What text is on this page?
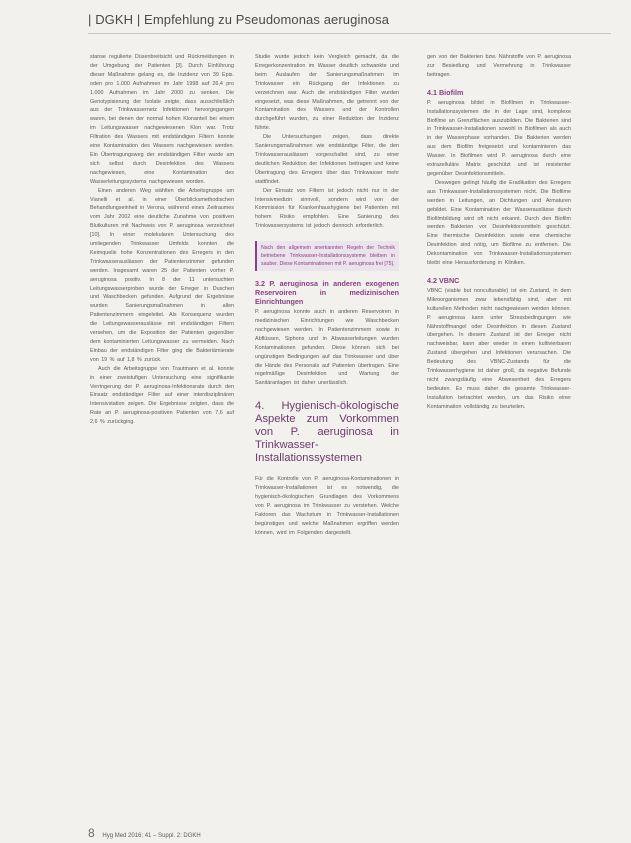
| DGKH | Empfehlung zu Pseudomonas aeruginosa

stanse regulierte Düsenbreitsicht und Rückmeldungen in der Umgebung der Patienten [3]. Durch Einführung dieser Maßnahme gelang es, die Inzidenz von 39 Epis. oden pro 1.000 Aufnahmen im Jahr 1998 auf 26,4 pro 1.000 Aufnahmen im Jahr 2000 zu senken. Die Genotypisierung der Isolate zeigte, dass ausschließlich aus der Trinkwassernetz Infektionen hervorgegangen waren, bei denen der normal hohen Klonanteil bei einem im Leitungswasser nachgewiesenen Klon war. Trotz Filtration des Wassers mit endständigen Filtern konnte eine Kontamination des Wassers nachgewiesen werden. Ein Übertragungsweg der endständigen Filter wurde am sich selbst durch Desinfektion des Wassers nachgewiesen, eine Kontamination des Wasserleitungssystems nachgewiesen worden.

Einen anderen Weg wählten die Arbeitsgruppe um Vianelli et al. in einer Überblicksmethodischen Behandlungseinheit in Verona, während eines Zeitraumes vom Jahr 2002 eine deutliche Zunahme von positiven Blutkulturen mit Nachweis von P. aeruginosa verzeichnet [10]. In einer molekularen Untersuchung des umliegenden Trinkwasser Umfelds konnten die Keimquelle hohe Konzentrationen des Erregers in den Trinkwasserauslässen der Patientenzimmer gefunden werden. Insgesamt waren 25 der Patienten vorher P. aeruginosa positiv. In 8 der 11 untersuchten Leitungswasserproben wurde der Erreger in Duschen und Waschbecken gefunden. Aufgrund der Ergebnisse wurden Sanierungsmaßnahmen in allen Patientenzimmern eingeleitet. Als Konsequenz wurden die Leitungswasserauslässe mit endständigen Filtern versehen, um die Exposition der Patienten gegenüber dem kontaminierten Leitungswasser zu vermeiden. Nach Einbau der endständigen Filter ging die Bakteriämierate von 19 % auf 1,8 % zurück.

Auch die Arbeitsgruppe von Trautmann et al. konnte in einer zweistufigen Untersuchung eine signifikante Verringerung der P. aeruginosa-Infektionsrate durch den Einsatz endständiger Filter auf einer interdisziplinären Intensivstation zeigen. Die Ergebnisse zeigten, dass die Rate an P. aeruginosa-positiven Patienten von 7,6 auf 2,6 % zurückging.

Studie wurde jedoch kein Vergleich gemacht, da die Erregerkonzentration im Wasser deutlich schwankte und beim Auslaufen der Sanierungsmaßnahmen im Trinkwasser ein Rückgang der Infektionen zu verzeichnen war. Auch die endständigen Filter wurden eingesetzt, was diese Maßnahmen, die getrennt von der Kontamination des Wassers und der Kontrollen durchgeführt wurden, zu einer Reduktion der Inzidenz führte.

Die Untersuchungen zeigen, dass direkte Sanierungsmaßnahmen wie endständige Filter, die den Trinkwasserauslässen vorgeschaltet sind, zu einer deutlichen Reduktion der Infektionen beitragen und keine Übertragung des Erregers über das Trinkwasser mehr stattfindet.

Der Einsatz von Filtern ist jedoch nicht nur in der Intensivmedizin sinnvoll, sondern wird von der Kommission für Krankenhaushygiene bei Patienten mit hohem Risiko empfohlen. Eine Sanierung des Trinkwassersystems ist jedoch dennoch erforderlich.

Nach den allgemein anerkannten Regeln der Technik betriebene Trinkwasser-Installationssysteme bleiben in sauber. Diese Kontaminationen mit P. aeruginosa frei [75].
3.2 P. aeruginosa in anderen exogenen Reservoiren in medizinischen Einrichtungen

P. aeruginosa konnte auch in anderen Reservoiren in medizinischen Einrichtungen wie Waschbecken nachgewiesen werden. In Patientenzimmern sowie in Abflüssen, Siphons und in Abwasserleitungen wurden Kontaminationen gefunden. Diese können sich bei ungünstigen Bedingungen auf das Trinkwasser und über die Hände des Personals auf Patienten übertragen. Eine regelmäßige Desinfektion und Wartung der Sanitäranlagen ist daher unerlässlich.

4. Hygienisch-ökologische Aspekte zum Vorkommen von P. aeruginosa in Trinkwasser-Installationssystemen

Für die Kontrolle von P. aeruginosa-Kontaminationen in Trinkwasser-Installationen ist es notwendig, die hygienisch-ökologischen Grundlagen des Vorkommens von P. aeruginosa im Trinkwasser zu verstehen. Welche Faktoren das Wachstum in Trinkwasser-Installationen begünstigen und welche Maßnahmen ergriffen werden können, wird im Folgenden dargestellt.

gen von der Bakterien bzw. Nährstoffe von P. aeruginosa zur Besiedlung und Vermehrung in Trinkwasser beitragen.

4.1 Biofilm

P. aeruginosa bildet in Biofilmen in Trinkwasser-Installationssystemen die in der Lage sind, komplexe Biofilme an Grenzflächen auszubilden. Die Bakterien sind in Trinkwasser-Installationen sowohl in Biofilmen als auch in der Wasserphase vorhanden. Die Bakterien werden aus dem Biofilm freigesetzt und kontaminieren das Wasser. In Biofilmen wird P. aeruginosa durch eine extrazelluläre Matrix geschützt und ist resistenter gegenüber Desinfektionsmitteln.

Deswegen gelingt häufig die Eradikation des Erregers aus Trinkwasser-Installationssystemen nicht. Die Biofilme werden in Leitungen, an Dichtungen und Armaturen gebildet. Eine Kontamination der Wasserauslässe durch Biofilmbildung wird oft nicht erkannt. Durch den Biofilm werden Bakterien vor Desinfektionsmitteln geschützt. Eine thermische Desinfektion sowie eine chemische Desinfektion sind nötig, um Biofilme zu entfernen. Die Dekontamination von Trinkwasser-Installationssystemen bleibt eine Herausforderung in Kliniken.

4.2 VBNC

VBNC (viable but nonculturable) ist ein Zustand, in dem Mikroorganismen zwar lebensfähig sind, aber mit kulturellen Methoden nicht nachgewiesen werden können. P. aeruginosa kann unter Stressbedingungen wie Nährstoffmangel oder Desinfektion in diesen Zustand übergehen. In diesem Zustand ist der Erreger nicht nachweisbar, kann aber wieder in einen kultivierbaren Zustand übergehen und Infektionen verursachen. Die Bedeutung des VBNC-Zustands für die Trinkwasserhygiene ist daher groß, da negative Befunde nicht zwangsläufig eine Abwesenheit des Erregers bedeuten. Es muss daher die gesamte Trinkwasser-Installation betrachtet werden, um das Risiko einer Kontamination vollständig zu beurteilen.

8 Hyg Med 2016; 41 – Suppl. 2: DGKH
